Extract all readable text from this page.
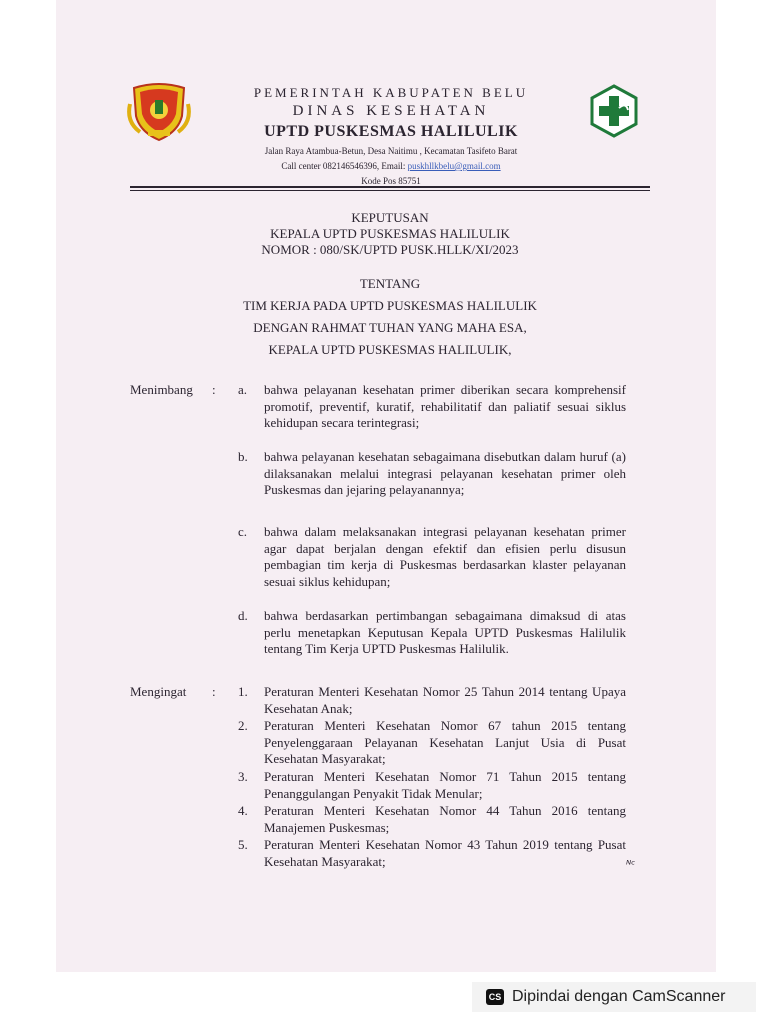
PEMERINTAH KABUPATEN BELU
DINAS KESEHATAN
UPTD PUSKESMAS HALILULIK
Jalan Raya Atambua-Betun, Desa Naitimu , Kecamatan Tasifeto Barat
Call center 082146546396, Email: puskhllkbelu@gmail.com
Kode Pos 85751
KEPUTUSAN
KEPALA UPTD PUSKESMAS HALILULIK
NOMOR : 080/SK/UPTD PUSK.HLLK/XI/2023
TENTANG
TIM KERJA PADA UPTD PUSKESMAS HALILULIK
DENGAN RAHMAT TUHAN YANG MAHA ESA,
KEPALA UPTD PUSKESMAS HALILULIK,
Menimbang	: a.	bahwa pelayanan kesehatan primer diberikan secara komprehensif promotif, preventif, kuratif, rehabilitatif dan paliatif sesuai siklus kehidupan secara terintegrasi;
b.	bahwa pelayanan kesehatan sebagaimana disebutkan dalam huruf (a) dilaksanakan melalui integrasi pelayanan kesehatan primer oleh Puskesmas dan jejaring pelayanannya;
c.	bahwa dalam melaksanakan integrasi pelayanan kesehatan primer agar dapat berjalan dengan efektif dan efisien perlu disusun pembagian tim kerja di Puskesmas berdasarkan klaster pelayanan sesuai siklus kehidupan;
d.	bahwa berdasarkan pertimbangan sebagaimana dimaksud di atas perlu menetapkan Keputusan Kepala UPTD Puskesmas Halilulik tentang Tim Kerja UPTD Puskesmas Halilulik.
Mengingat	: 1.	Peraturan Menteri Kesehatan Nomor 25 Tahun 2014 tentang Upaya Kesehatan Anak;
2.	Peraturan Menteri Kesehatan Nomor 67 tahun 2015 tentang Penyelenggaraan Pelayanan Kesehatan Lanjut Usia di Pusat Kesehatan Masyarakat;
3.	Peraturan Menteri Kesehatan Nomor 71 Tahun 2015 tentang Penanggulangan Penyakit Tidak Menular;
4.	Peraturan Menteri Kesehatan Nomor 44 Tahun 2016 tentang Manajemen Puskesmas;
5.	Peraturan Menteri Kesehatan Nomor 43 Tahun 2019 tentang Pusat Kesehatan Masyarakat;	ᴺᶜ
CS Dipindai dengan CamScanner
